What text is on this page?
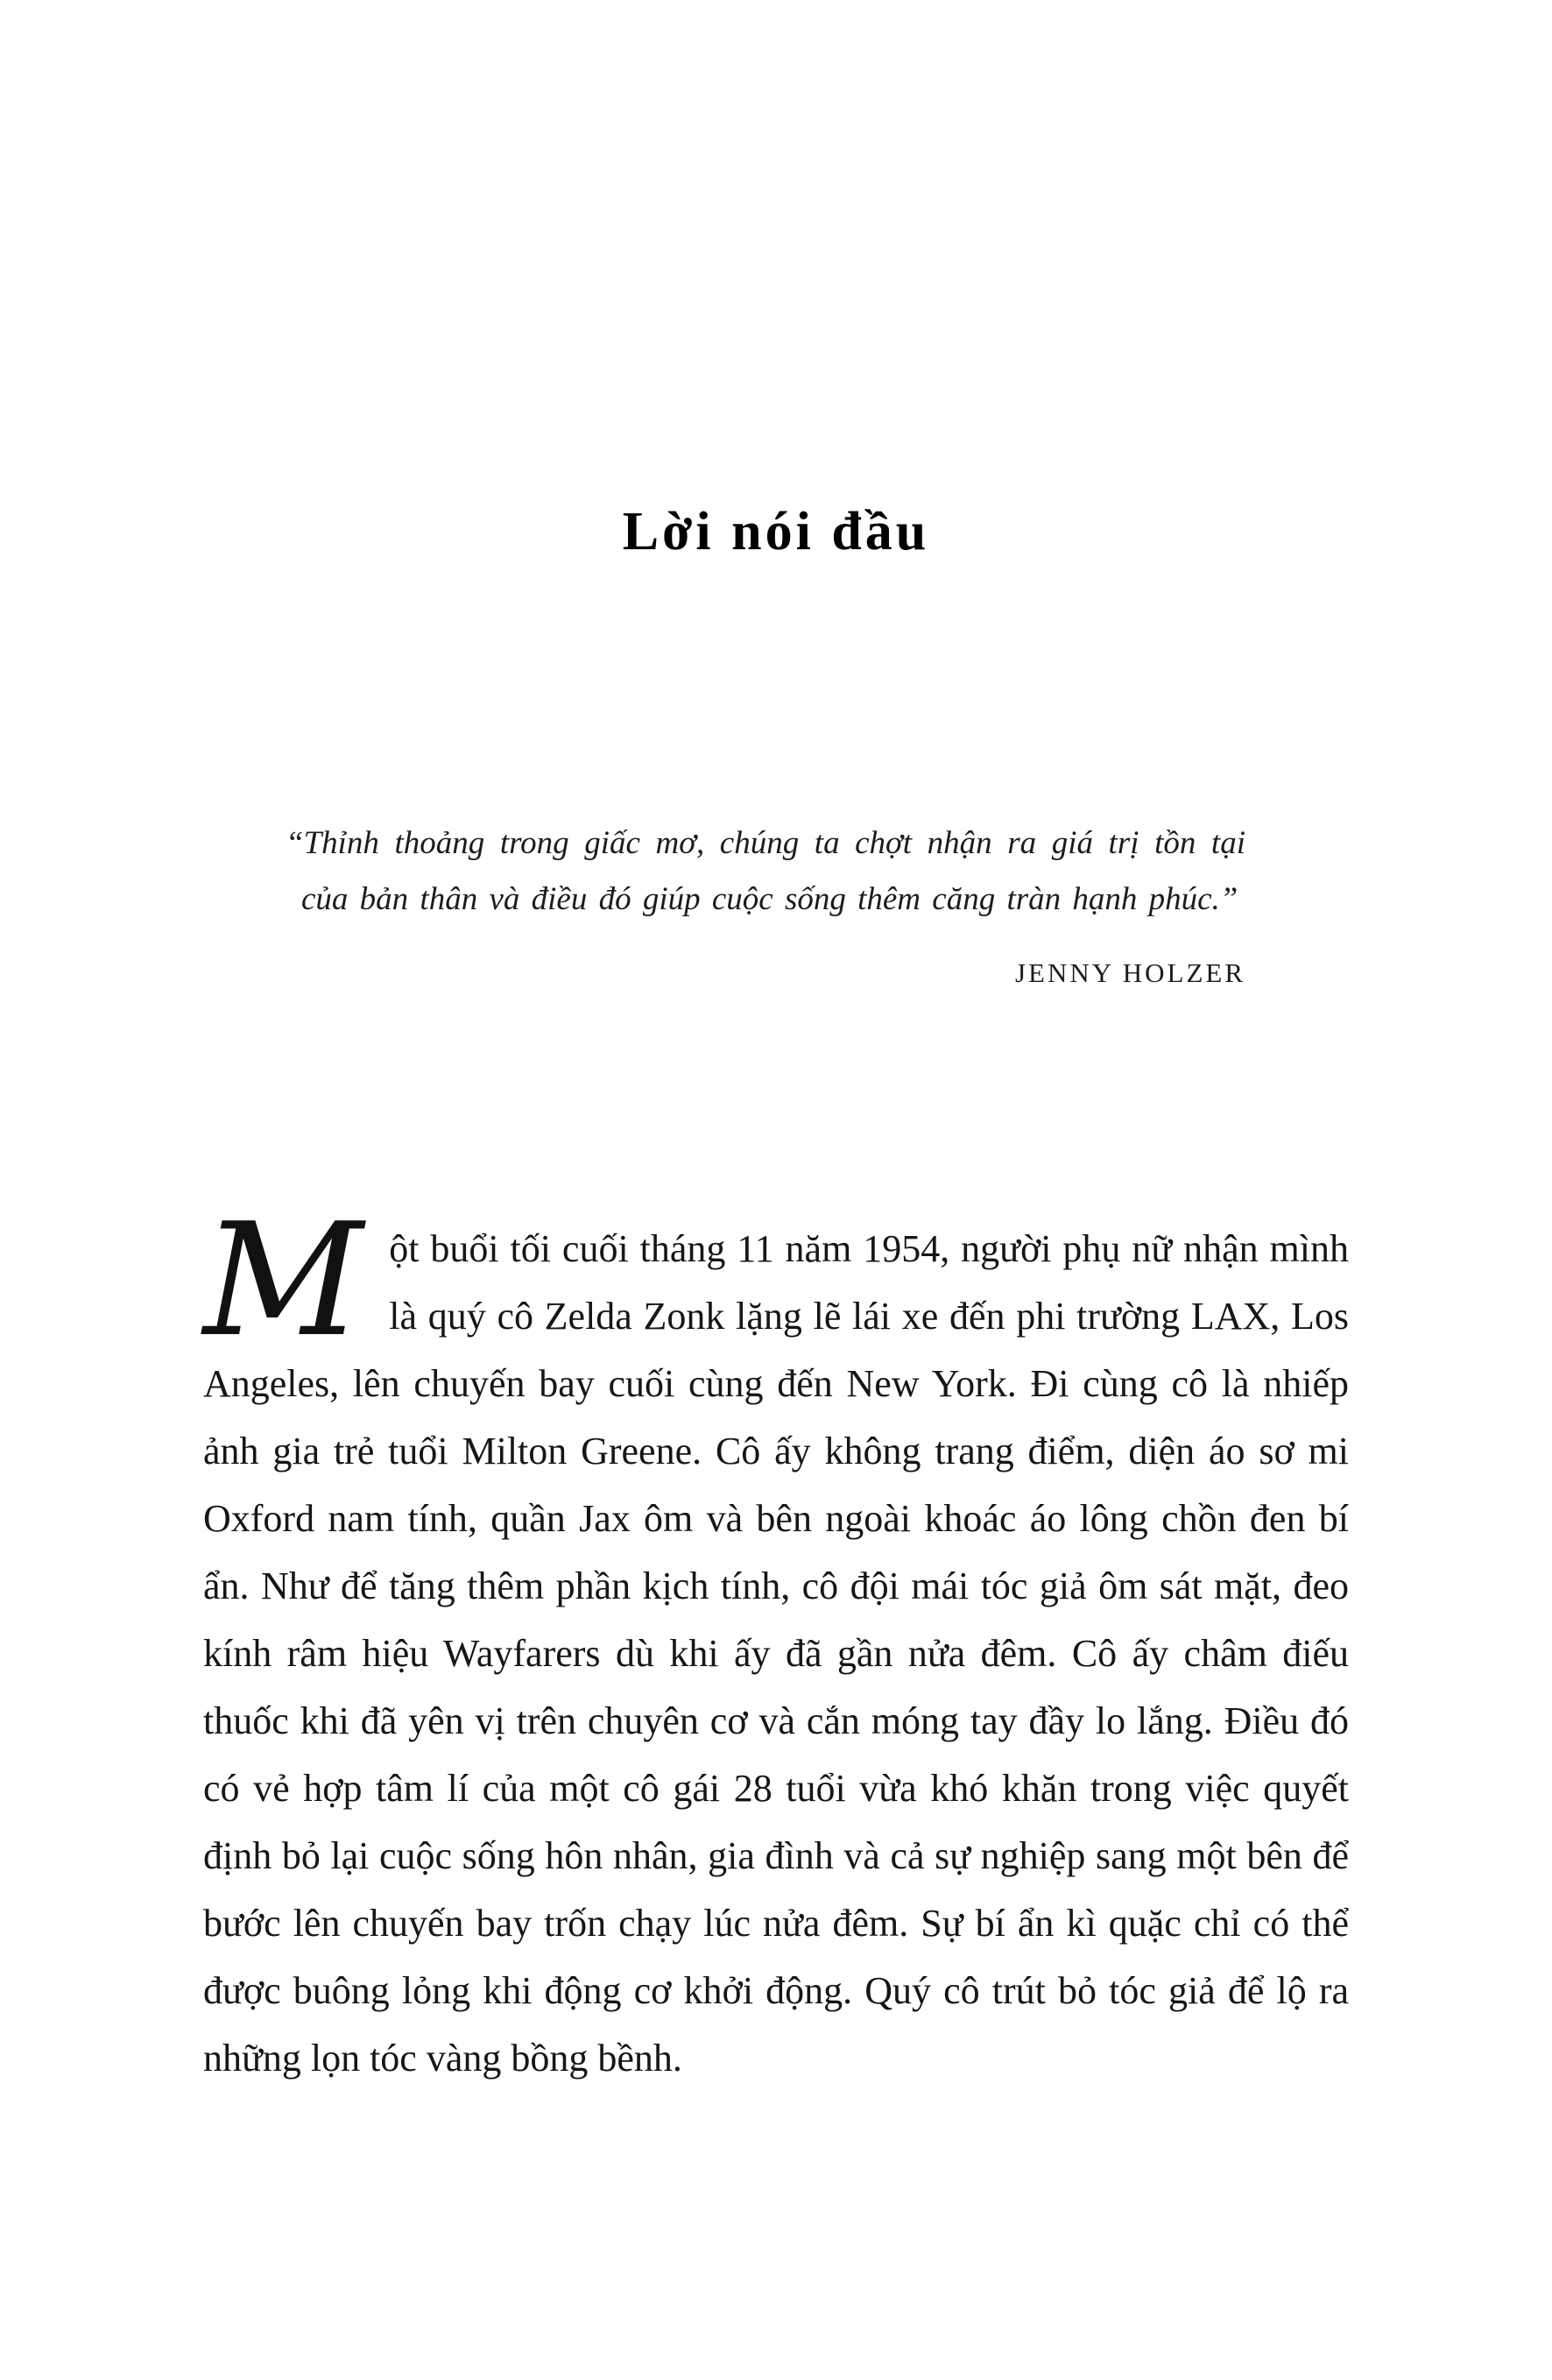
Lời nói đầu

“Thỉnh thoảng trong giấc mơ, chúng ta chợt nhận ra giá trị tồn tại của bản thân và điều đó giúp cuộc sống thêm căng tràn hạnh phúc.”

JENNY HOLZER

Một buổi tối cuối tháng 11 năm 1954, người phụ nữ nhận mình là quý cô Zelda Zonk lặng lẽ lái xe đến phi trường LAX, Los Angeles, lên chuyến bay cuối cùng đến New York. Đi cùng cô là nhiếp ảnh gia trẻ tuổi Milton Greene. Cô ấy không trang điểm, diện áo sơ mi Oxford nam tính, quần Jax ôm và bên ngoài khoác áo lông chồn đen bí ẩn. Như để tăng thêm phần kịch tính, cô đội mái tóc giả ôm sát mặt, đeo kính râm hiệu Wayfarers dù khi ấy đã gần nửa đêm. Cô ấy châm điếu thuốc khi đã yên vị trên chuyên cơ và cắn móng tay đầy lo lắng. Điều đó có vẻ hợp tâm lí của một cô gái 28 tuổi vừa khó khăn trong việc quyết định bỏ lại cuộc sống hôn nhân, gia đình và cả sự nghiệp sang một bên để bước lên chuyến bay trốn chạy lúc nửa đêm. Sự bí ẩn kì quặc chỉ có thể được buông lỏng khi động cơ khởi động. Quý cô trút bỏ tóc giả để lộ ra những lọn tóc vàng bồng bềnh.
